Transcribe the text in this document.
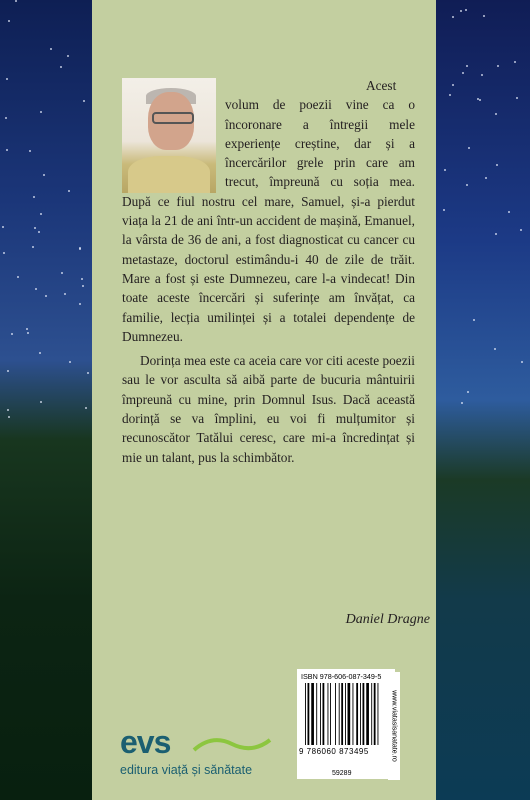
Acest volum de poezii vine ca o încoronare a întregii mele experiențe creștine, dar și a încercărilor grele prin care am trecut, împreună cu soția mea. După ce fiul nostru cel mare, Samuel, și-a pierdut viața la 21 de ani într-un accident de mașină, Emanuel, la vârsta de 36 de ani, a fost diagnosticat cu cancer cu metastaze, doctorul estimându-i 40 de zile de trăit. Mare a fost și este Dumnezeu, care l-a vindecat! Din toate aceste încercări și suferințe am învățat, ca familie, lecția umilinței și a totalei dependențe de Dumnezeu.

Dorința mea este ca aceia care vor citi aceste poezii sau le vor asculta să aibă parte de bucuria mântuirii împreună cu mine, prin Domnul Isus. Dacă această dorință se va împlini, eu voi fi mulțumitor și recunoscător Tatălui ceresc, care mi-a încredințat și mie un talant, pus la schimbător.

Daniel Dragne
evs
editura viață și sănătate
ISBN 978-606-087-349-5
9 786060 873495	www.viatasisanatate.ro
59289
